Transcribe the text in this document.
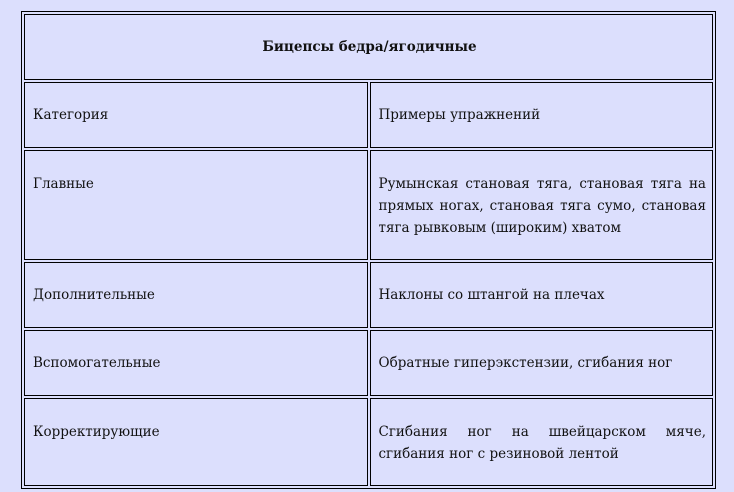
Бицепсы бедра/ягодичные	
Категория	Примеры упражнений

Главные	Румынская становая тяга, становая тяга на прямых ногах, становая тяга сумо, становая тяга рывковым (широким) хватом

Дополнительные	Наклоны со штангой на плечах
Вспомогательные	Обратные гиперэкстензии, сгибания ног

Корректирующие	Сгибания ног на швейцарском мяче, сгибания ног с резиновой лентой
